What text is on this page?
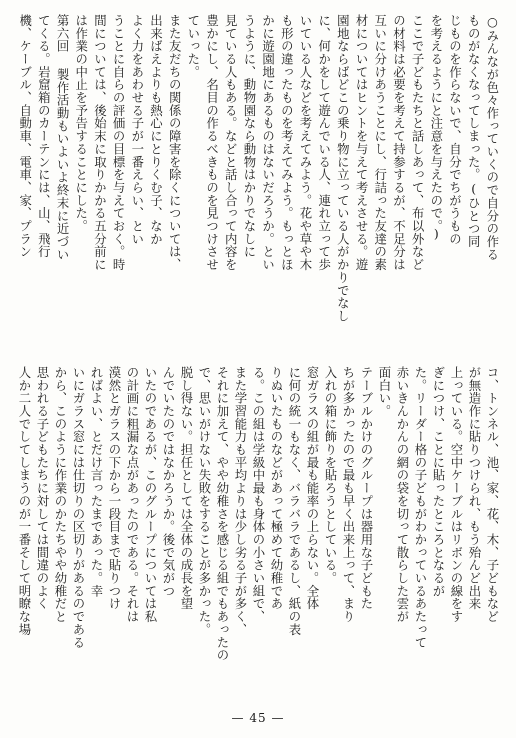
○みんなが色々作っていくので自分の作る
ものがなくなってしまった。(ひとつ同
じものを作らないで、自分でちがうもの
を考えるようにと注意を与えたので。)
ここで子どもたちと話しあって、布以外など
の材料は必要を考えて持参するが、不足分は
互いに分けあうことにし、行詰った友達の素
材についてはヒントを与えて考えさせる。遊
園地ならばどこの乗り物に立っている人がかりでなし
に、何かをして遊んでいる人、連れ立って歩
いている人などを考えてみよう。花や草や木
も形の違ったものを考えてみよう。もっとほ
かに遊園地にあるものはないだろうか。とい
うように、動物園なら動物はかりでなしに
見ている人もある。などと話し合って内容を
豊かにし、名目の作るべきものを見つけさせ
ていった。
また友だちの関係の障害を除くについては、
出来ばえよりも熱心にとりくむ子、なか
よく力をあわせる子が一番えらい、とい
うことに自らの評価の目標を与えておく。時
間については、後始末に取りかかる五分前に
は作業の中止を予告することにした。
第六回 製作活動もいよいよ終末に近づい
てくる。岩窟箱のカーテンには、山、飛行
機、ケーブル、自動車、電車、家、プラン
コ、トンネル、池、家、花、木、子どもなど
が無造作に貼りつけられ、もう殆んど出来
上っている。空中ケーブルはリボンの線をす
ぎにつけ、ことに貼ったところとなるが
た。リーダー格の子どもがわかっているあたって
赤いきんかんの網の袋を切って散らした雲が
面白い。
テーブルかけのグループは器用な子どもた
ちが多かったので最も早く出来上って、まり
入れの箱に飾りを貼ろうとしている。
窓ガラスの組が最も能率の上らない。全体
に何の統一もなく、バラバラであるし、紙の表
りぬいたものなどがあって極めて幼稚であ
る。この組は学級中最も身体の小さい組で、
また学習能力も平均よりは少し劣る子が多く、
それに加えて、やや幼稚さを感じる組でもあったの
で、思いがけない失敗をすることが多かった。
脱し得ない。担任としては全体の成長を望
んでいたのではなかろうか。後で気がつ
いたのであるが、このグループについては私
の計画に粗漏な点があったのである。それは
漠然とガラスの下から一段目まで貼りつけ
ればよい、とだけ言ったまであった。幸
いにガラス窓には仕切りの区切りがあるのである
から、このように作業のかたちやや幼稚だと
思われる子どもたちに対しては間違のよく
人か二人でしてしまうのが一番そして明瞭な場
— 45 —
